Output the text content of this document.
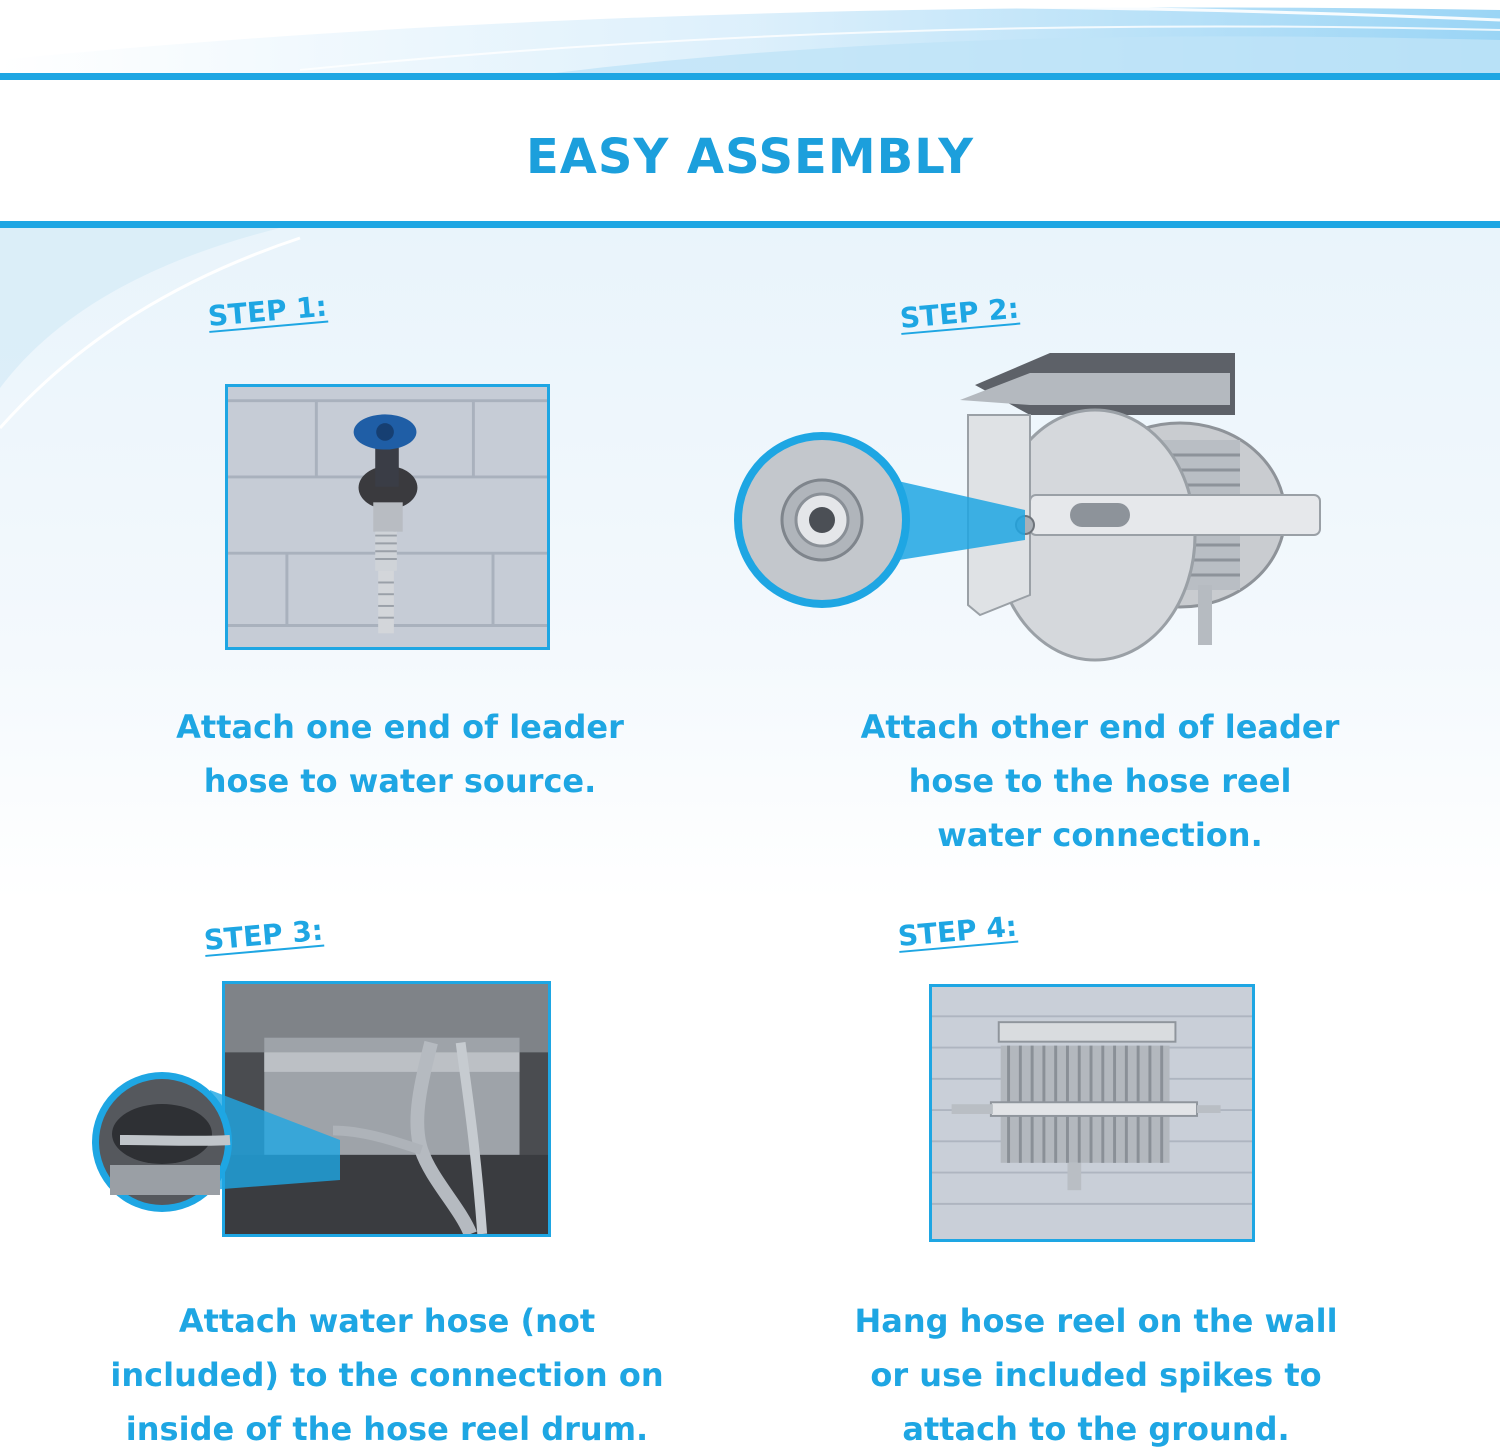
EASY ASSEMBLY
STEP 1:
Attach one end of leader
hose to water source.
STEP 2:
Attach other end of leader
hose to the hose reel
water connection.
STEP 3:
Attach water hose (not
included) to the connection on
inside of the hose reel drum.
STEP 4:
Hang hose reel on the wall
or use included spikes to
attach to the ground.
